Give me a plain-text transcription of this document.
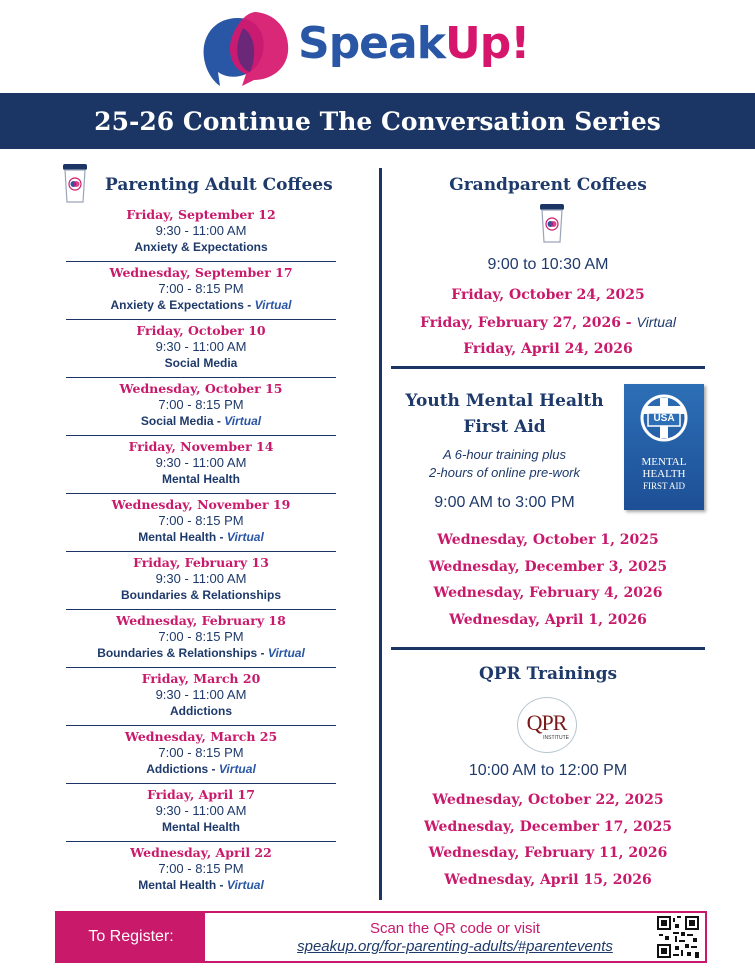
SpeakUp!
25-26 Continue The Conversation Series
Parenting Adult Coffees
Friday, September 12
9:30 - 11:00 AM
Anxiety & Expectations
Wednesday, September 17
7:00 - 8:15 PM
Anxiety & Expectations - Virtual
Friday, October 10
9:30 - 11:00 AM
Social Media
Wednesday, October 15
7:00 - 8:15 PM
Social Media - Virtual
Friday, November 14
9:30 - 11:00 AM
Mental Health
Wednesday, November 19
7:00 - 8:15 PM
Mental Health - Virtual
Friday, February 13
9:30 - 11:00 AM
Boundaries & Relationships
Wednesday, February 18
7:00 - 8:15 PM
Boundaries & Relationships - Virtual
Friday, March 20
9:30 - 11:00 AM
Addictions
Wednesday, March 25
7:00 - 8:15 PM
Addictions - Virtual
Friday, April 17
9:30 - 11:00 AM
Mental Health
Wednesday, April 22
7:00 - 8:15 PM
Mental Health - Virtual
Grandparent Coffees
9:00 to 10:30 AM
Friday, October 24, 2025
Friday, February 27, 2026 - Virtual
Friday, April 24, 2026
Youth Mental Health
First Aid
A 6-hour training plus
2-hours of online pre-work
9:00 AM to 3:00 PM
USA
MENTAL
HEALTH
FIRST AID
Wednesday, October 1, 2025
Wednesday, December 3, 2025
Wednesday, February 4, 2026
Wednesday, April 1, 2026
QPR Trainings
QPR
INSTITUTE
10:00 AM to 12:00 PM
Wednesday, October 22, 2025
Wednesday, December 17, 2025
Wednesday, February 11, 2026
Wednesday, April 15, 2026
To Register:	Scan the QR code or visit
speakup.org/for-parenting-adults/#parentevents
